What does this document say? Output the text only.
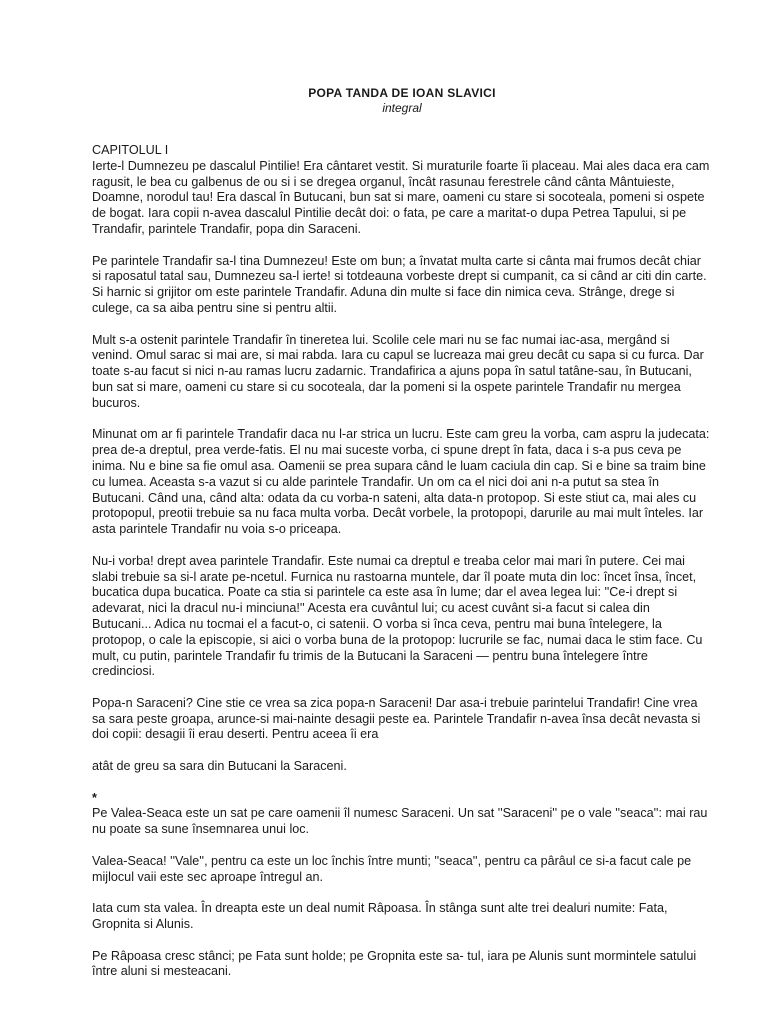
POPA TANDA DE IOAN SLAVICI
integral
CAPITOLUL I

Ierte-l Dumnezeu pe dascalul Pintilie! Era cântaret vestit. Si muraturile foarte îi placeau. Mai ales daca era cam ragusit, le bea cu galbenus de ou si i se dregea organul, încât rasunau ferestrele când cânta Mântuieste, Doamne, norodul tau! Era dascal în Butucani, bun sat si mare, oameni cu stare si socoteala, pomeni si ospete de bogat. Iara copii n-avea dascalul Pintilie decât doi: o fata, pe care a maritat-o dupa Petrea Tapului, si pe Trandafir, parintele Trandafir, popa din Saraceni.

Pe parintele Trandafir sa-l tina Dumnezeu! Este om bun; a învatat multa carte si cânta mai frumos decât chiar si raposatul tatal sau, Dumnezeu sa-l ierte! si totdeauna vorbeste drept si cumpanit, ca si când ar citi din carte. Si harnic si grijitor om este parintele Trandafir. Aduna din multe si face din nimica ceva. Strânge, drege si culege, ca sa aiba pentru sine si pentru altii.

Mult s-a ostenit parintele Trandafir în tineretea lui. Scolile cele mari nu se fac numai iac-asa, mergând si venind. Omul sarac si mai are, si mai rabda. Iara cu capul se lucreaza mai greu decât cu sapa si cu furca. Dar toate s-au facut si nici n-au ramas lucru zadarnic. Trandafirica a ajuns popa în satul tatâne-sau, în Butucani, bun sat si mare, oameni cu stare si cu socoteala, dar la pomeni si la ospete parintele Trandafir nu mergea bucuros.

Minunat om ar fi parintele Trandafir daca nu l-ar strica un lucru. Este cam greu la vorba, cam aspru la judecata: prea de-a dreptul, prea verde-fatis. El nu mai suceste vorba, ci spune drept în fata, daca i s-a pus ceva pe inima. Nu e bine sa fie omul asa. Oamenii se prea supara când le luam caciula din cap. Si e bine sa traim bine cu lumea. Aceasta s-a vazut si cu alde parintele Trandafir. Un om ca el nici doi ani n-a putut sa stea în Butucani. Când una, când alta: odata da cu vorba-n sateni, alta data-n protopop. Si este stiut ca, mai ales cu protopopul, preotii trebuie sa nu faca multa vorba. Decât vorbele, la protopopi, darurile au mai mult înteles. Iar asta parintele Trandafir nu voia s-o priceapa.

Nu-i vorba! drept avea parintele Trandafir. Este numai ca dreptul e treaba celor mai mari în putere. Cei mai slabi trebuie sa si-l arate pe-ncetul. Furnica nu rastoarna muntele, dar îl poate muta din loc: încet însa, încet, bucatica dupa bucatica. Poate ca stia si parintele ca este asa în lume; dar el avea legea lui: ''Ce-i drept si adevarat, nici la dracul nu-i minciuna!'' Acesta era cuvântul lui; cu acest cuvânt si-a facut si calea din Butucani... Adica nu tocmai el a facut-o, ci satenii. O vorba si înca ceva, pentru mai buna întelegere, la protopop, o cale la episcopie, si aici o vorba buna de la protopop: lucrurile se fac, numai daca le stim face. Cu mult, cu putin, parintele Trandafir fu trimis de la Butucani la Saraceni — pentru buna întelegere între credinciosi.

Popa-n Saraceni? Cine stie ce vrea sa zica popa-n Saraceni! Dar asa-i trebuie parintelui Trandafir! Cine vrea sa sara peste groapa, arunce-si mai-nainte desagii peste ea. Parintele Trandafir n-avea însa decât nevasta si doi copii: desagii îi erau deserti. Pentru aceea îi era

atât de greu sa sara din Butucani la Saraceni.

*

Pe Valea-Seaca este un sat pe care oamenii îl numesc Saraceni. Un sat ''Saraceni'' pe o vale ''seaca'': mai rau nu poate sa sune însemnarea unui loc.

Valea-Seaca! ''Vale'', pentru ca este un loc închis între munti; ''seaca'', pentru ca pârâul ce si-a facut cale pe mijlocul vaii este sec aproape întregul an.

Iata cum sta valea. În dreapta este un deal numit Râpoasa. În stânga sunt alte trei dealuri numite: Fata, Gropnita si Alunis.

Pe Râpoasa cresc stânci; pe Fata sunt holde; pe Gropnita este sa- tul, iara pe Alunis sunt mormintele satului între aluni si mesteacani.
